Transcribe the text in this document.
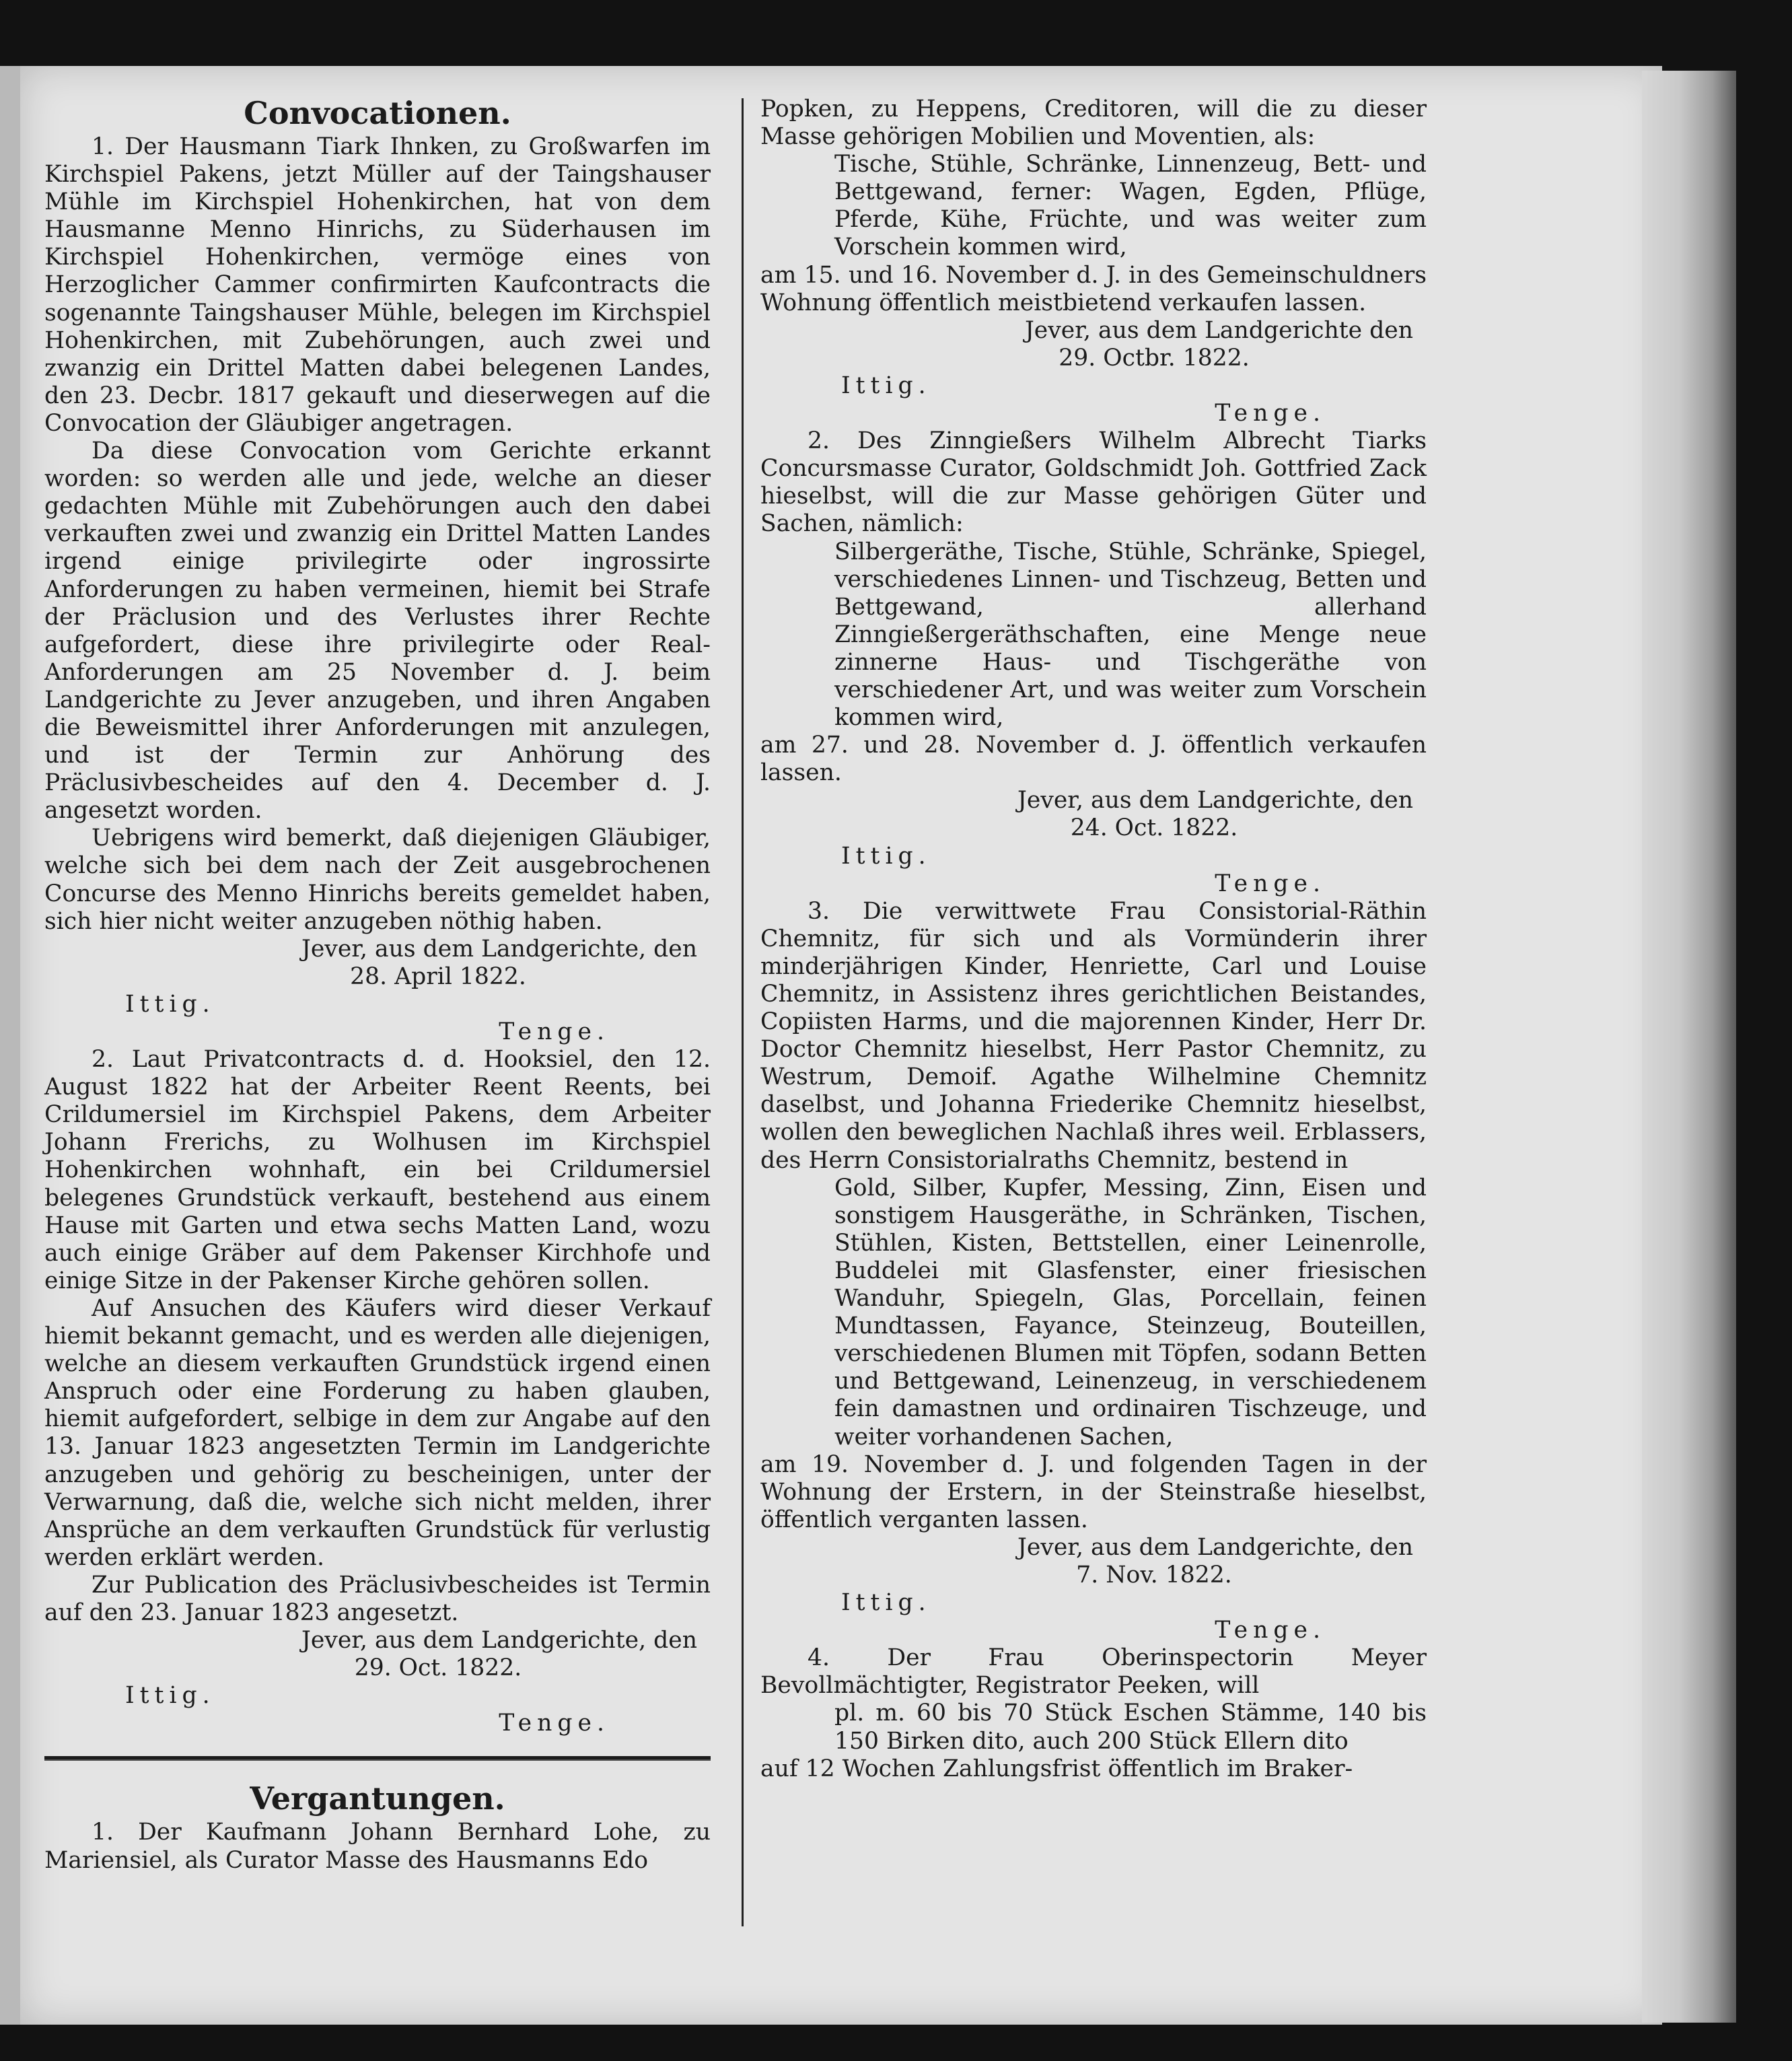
Convocationen.

1. Der Hausmann Tiark Ihnken, zu Großwarfen im Kirchspiel Pakens, jetzt Müller auf der Taingshauser Mühle im Kirchspiel Hohenkirchen, hat von dem Hausmanne Menno Hinrichs, zu Süderhausen im Kirchspiel Hohenkirchen, vermöge eines von Herzoglicher Cammer confirmirten Kaufcontracts die sogenannte Taingshauser Mühle, belegen im Kirchspiel Hohenkirchen, mit Zubehörungen, auch zwei und zwanzig ein Drittel Matten dabei belegenen Landes, den 23. Decbr. 1817 gekauft und dieserwegen auf die Convocation der Gläubiger angetragen.

Da diese Convocation vom Gerichte erkannt worden: so werden alle und jede, welche an dieser gedachten Mühle mit Zubehörungen auch den dabei verkauften zwei und zwanzig ein Drittel Matten Landes irgend einige privilegirte oder ingrossirte Anforderungen zu haben vermeinen, hiemit bei Strafe der Präclusion und des Verlustes ihrer Rechte aufgefordert, diese ihre privilegirte oder Real-Anforderungen am 25 November d. J. beim Landgerichte zu Jever anzugeben, und ihren Angaben die Beweismittel ihrer Anforderungen mit anzulegen, und ist der Termin zur Anhörung des Präclusivbescheides auf den 4. December d. J. angesetzt worden.

Uebrigens wird bemerkt, daß diejenigen Gläubiger, welche sich bei dem nach der Zeit ausgebrochenen Concurse des Menno Hinrichs bereits gemeldet haben, sich hier nicht weiter anzugeben nöthig haben.

Jever, aus dem Landgerichte, den

28. April 1822.

Ittig.

Tenge.

2. Laut Privatcontracts d. d. Hooksiel, den 12. August 1822 hat der Arbeiter Reent Reents, bei Crildumersiel im Kirchspiel Pakens, dem Arbeiter Johann Frerichs, zu Wolhusen im Kirchspiel Hohenkirchen wohnhaft, ein bei Crildumersiel belegenes Grundstück verkauft, bestehend aus einem Hause mit Garten und etwa sechs Matten Land, wozu auch einige Gräber auf dem Pakenser Kirchhofe und einige Sitze in der Pakenser Kirche gehören sollen.

Auf Ansuchen des Käufers wird dieser Verkauf hiemit bekannt gemacht, und es werden alle diejenigen, welche an diesem verkauften Grundstück irgend einen Anspruch oder eine Forderung zu haben glauben, hiemit aufgefordert, selbige in dem zur Angabe auf den 13. Januar 1823 angesetzten Termin im Landgerichte anzugeben und gehörig zu bescheinigen, unter der Verwarnung, daß die, welche sich nicht melden, ihrer Ansprüche an dem verkauften Grundstück für verlustig werden erklärt werden.

Zur Publication des Präclusivbescheides ist Termin auf den 23. Januar 1823 angesetzt.

Jever, aus dem Landgerichte, den

29. Oct. 1822.

Ittig.

Tenge.

Vergantungen.

1. Der Kaufmann Johann Bernhard Lohe, zu Mariensiel, als Curator Masse des Hausmanns Edo

Popken, zu Heppens, Creditoren, will die zu dieser Masse gehörigen Mobilien und Moventien, als:

Tische, Stühle, Schränke, Linnenzeug, Bett- und Bettgewand, ferner: Wagen, Egden, Pflüge, Pferde, Kühe, Früchte, und was weiter zum Vorschein kommen wird,

am 15. und 16. November d. J. in des Gemeinschuldners Wohnung öffentlich meistbietend verkaufen lassen.

Jever, aus dem Landgerichte den

29. Octbr. 1822.

Ittig.

Tenge.

2. Des Zinngießers Wilhelm Albrecht Tiarks Concursmasse Curator, Goldschmidt Joh. Gottfried Zack hieselbst, will die zur Masse gehörigen Güter und Sachen, nämlich:

Silbergeräthe, Tische, Stühle, Schränke, Spiegel, verschiedenes Linnen- und Tischzeug, Betten und Bettgewand, allerhand Zinngießergeräthschaften, eine Menge neue zinnerne Haus- und Tischgeräthe von verschiedener Art, und was weiter zum Vorschein kommen wird,

am 27. und 28. November d. J. öffentlich verkaufen lassen.

Jever, aus dem Landgerichte, den

24. Oct. 1822.

Ittig.

Tenge.

3. Die verwittwete Frau Consistorial-Räthin Chemnitz, für sich und als Vormünderin ihrer minderjährigen Kinder, Henriette, Carl und Louise Chemnitz, in Assistenz ihres gerichtlichen Beistandes, Copiisten Harms, und die majorennen Kinder, Herr Dr. Doctor Chemnitz hieselbst, Herr Pastor Chemnitz, zu Westrum, Demoif. Agathe Wilhelmine Chemnitz daselbst, und Johanna Friederike Chemnitz hieselbst, wollen den beweglichen Nachlaß ihres weil. Erblassers, des Herrn Consistorialraths Chemnitz, bestend in

Gold, Silber, Kupfer, Messing, Zinn, Eisen und sonstigem Hausgeräthe, in Schränken, Tischen, Stühlen, Kisten, Bettstellen, einer Leinenrolle, Buddelei mit Glasfenster, einer friesischen Wanduhr, Spiegeln, Glas, Porcellain, feinen Mundtassen, Fayance, Steinzeug, Bouteillen, verschiedenen Blumen mit Töpfen, sodann Betten und Bettgewand, Leinenzeug, in verschiedenem fein damastnen und ordinairen Tischzeuge, und weiter vorhandenen Sachen,

am 19. November d. J. und folgenden Tagen in der Wohnung der Erstern, in der Steinstraße hieselbst, öffentlich verganten lassen.

Jever, aus dem Landgerichte, den

7. Nov. 1822.

Ittig.

Tenge.

4. Der Frau Oberinspectorin Meyer Bevollmächtigter, Registrator Peeken, will

pl. m. 60 bis 70 Stück Eschen Stämme, 140 bis 150 Birken dito, auch 200 Stück Ellern dito

auf 12 Wochen Zahlungsfrist öffentlich im Braker-
